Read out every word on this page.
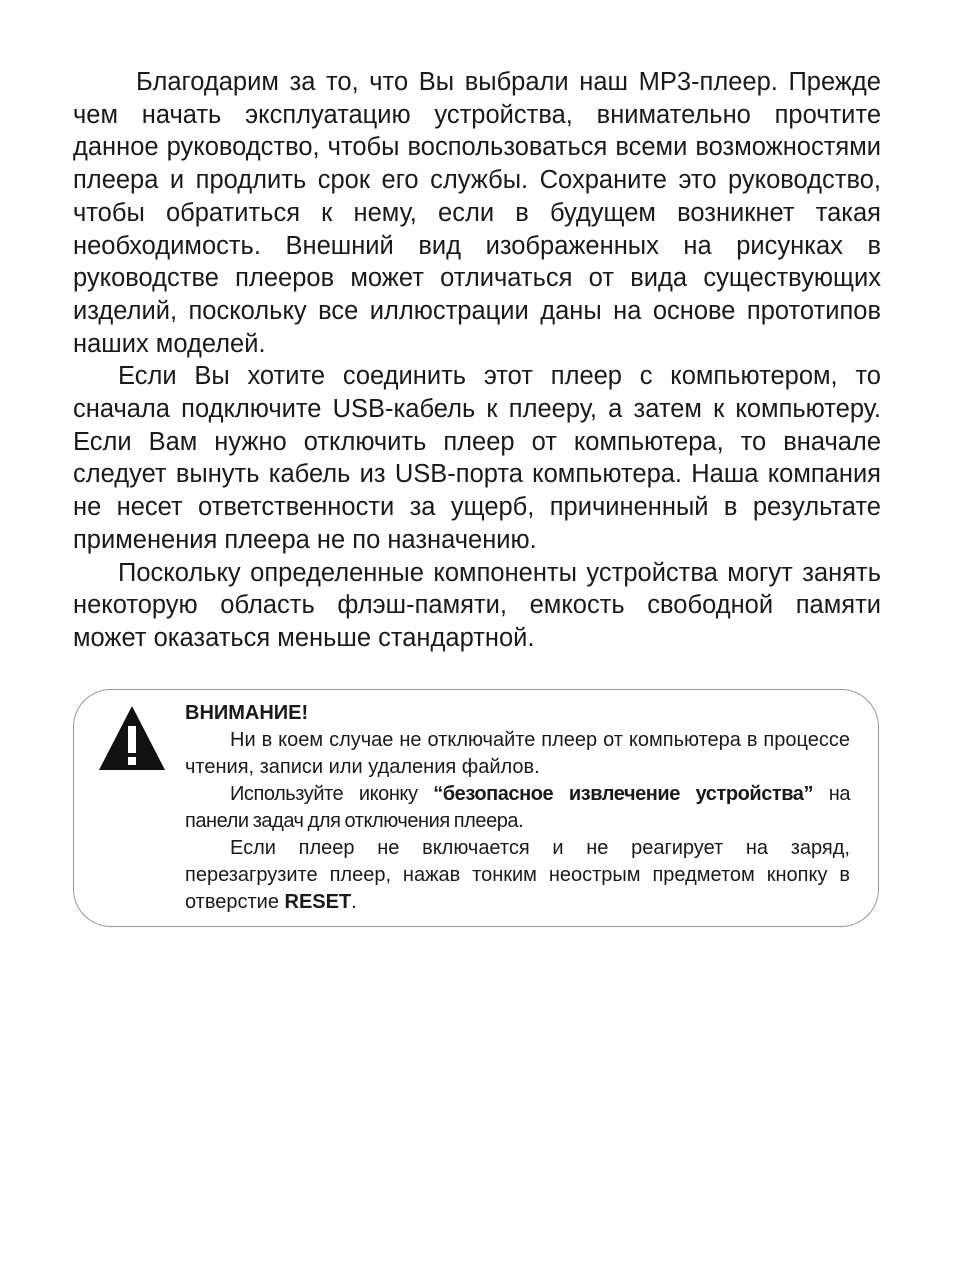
Благодарим за то, что Вы выбрали наш МР3-плеер. Прежде чем начать эксплуатацию устройства, внимательно прочтите данное руководство, чтобы воспользоваться всеми возможностями плеера и продлить срок его службы. Сохраните это руководство, чтобы обратиться к нему, если в будущем возникнет такая необходимость. Внешний вид изображенных на рисунках в руководстве плееров может отличаться от вида существующих изделий, поскольку все иллюстрации даны на основе прототипов наших моделей.

Если Вы хотите соединить этот плеер с компьютером, то сначала подключите USB-кабель к плееру, а затем к компьютеру. Если Вам нужно отключить плеер от компьютера, то вначале следует вынуть кабель из USB-порта компьютера. Наша компания не несет ответственности за ущерб, причиненный в результате применения плеера не по назначению.

Поскольку определенные компоненты устройства могут занять некоторую область флэш-памяти, емкость свободной памяти может оказаться меньше стандартной.

ВНИМАНИЕ!

Ни в коем случае не отключайте плеер от компьютера в процессе чтения, записи или удаления файлов.

Используйте иконку “безопасное извлечение устройства” на панели задач для отключения плеера.

Если плеер не включается и не реагирует на заряд, перезагрузите плеер, нажав тонким неострым предметом кнопку в отверстие RESET.
